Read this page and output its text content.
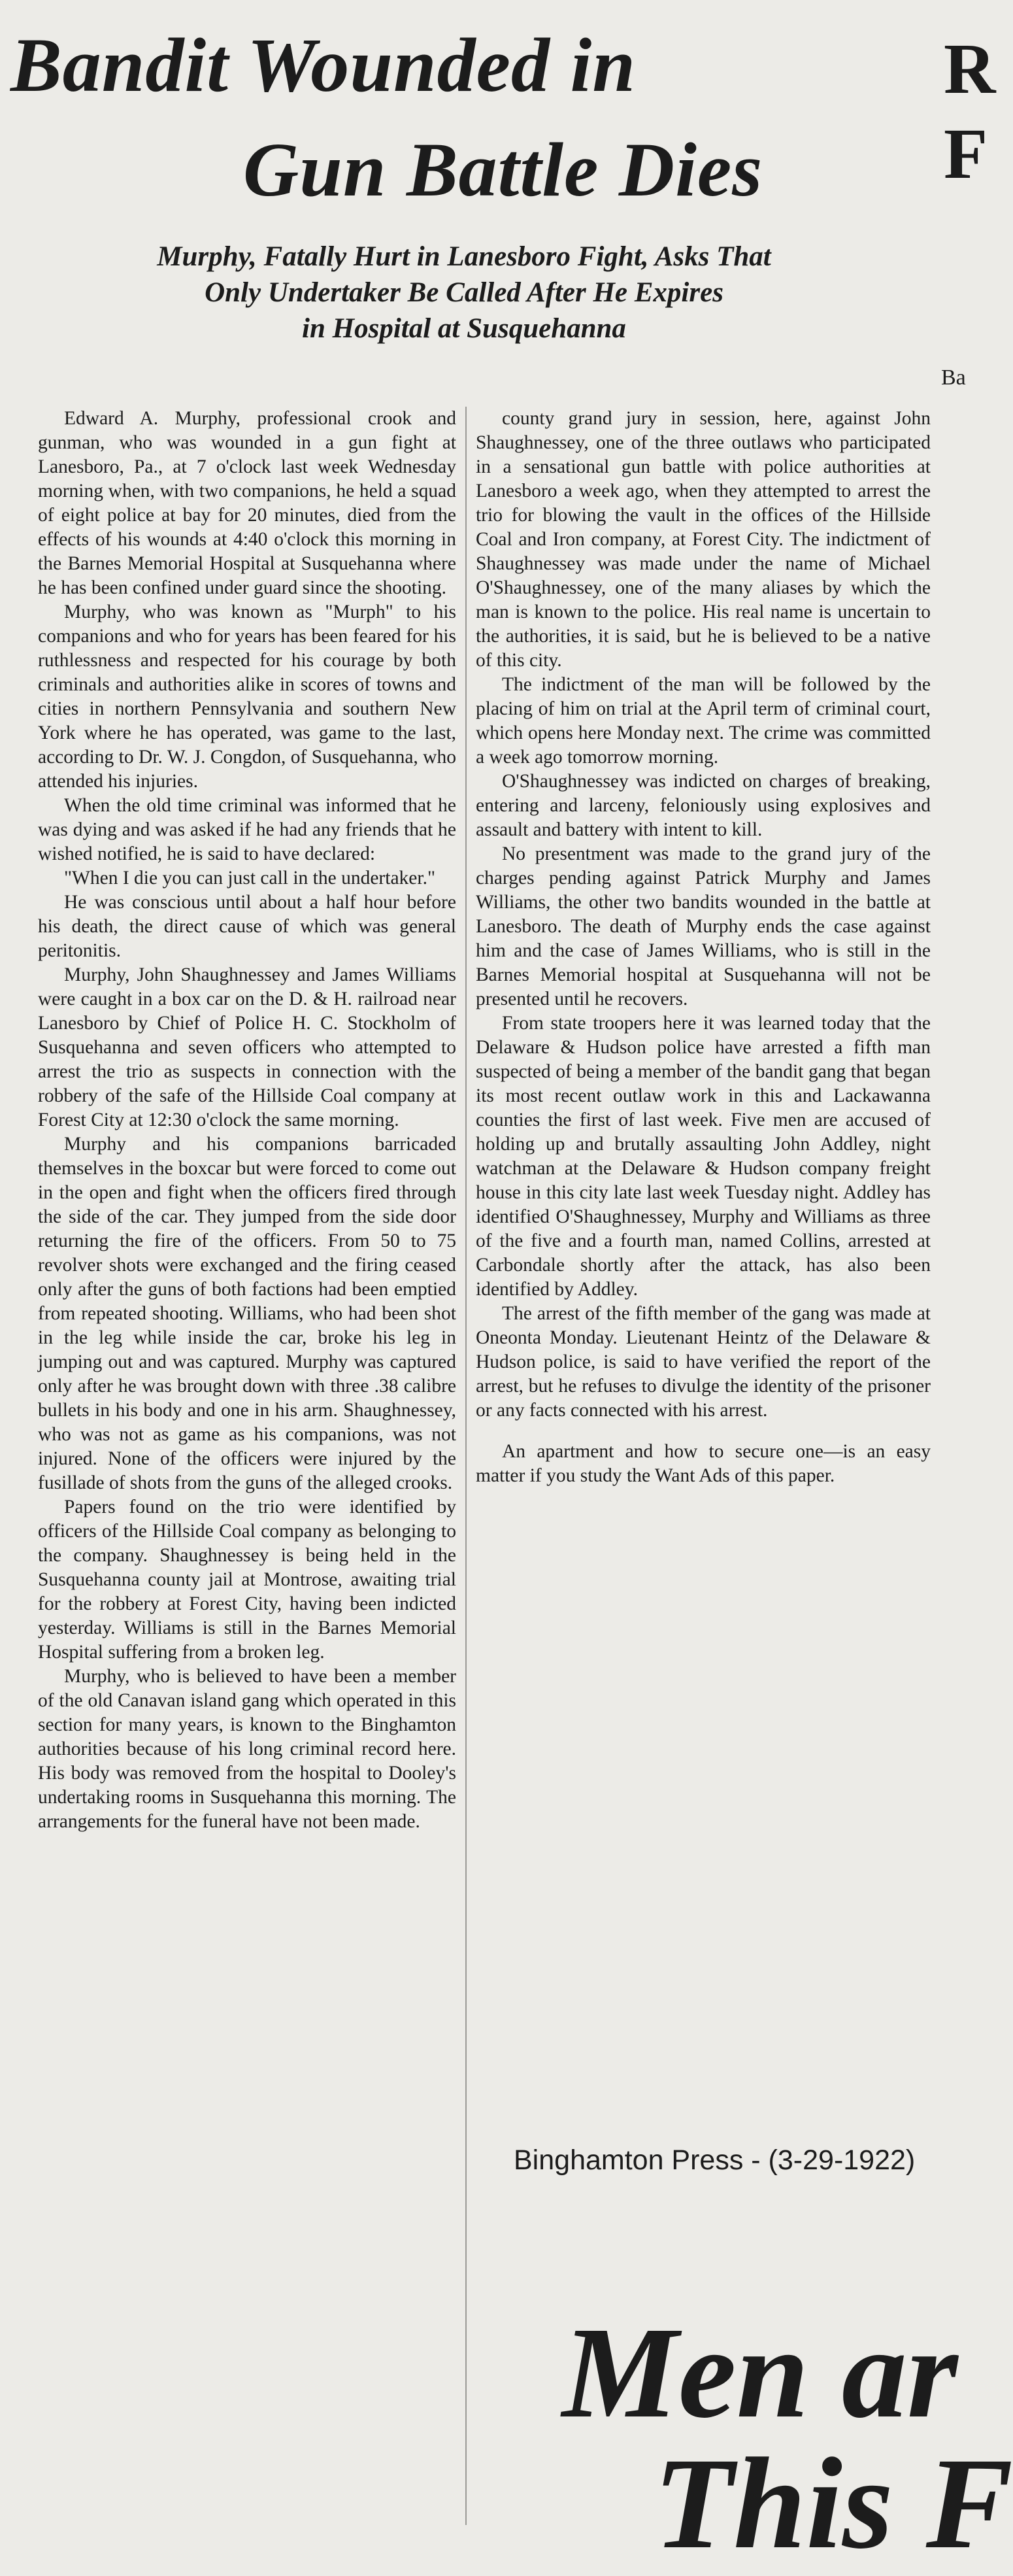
Bandit Wounded in
Gun Battle Dies
Murphy, Fatally Hurt in Lanesboro Fight, Asks That
Only Undertaker Be Called After He Expires
in Hospital at Susquehanna

Edward A. Murphy, professional crook and gunman, who was wounded in a gun fight at Lanesboro, Pa., at 7 o'clock last week Wednesday morning when, with two companions, he held a squad of eight police at bay for 20 minutes, died from the effects of his wounds at 4:40 o'clock this morning in the Barnes Memorial Hospital at Susquehanna where he has been confined under guard since the shooting.

Murphy, who was known as "Murph" to his companions and who for years has been feared for his ruthlessness and respected for his courage by both criminals and authorities alike in scores of towns and cities in northern Pennsylvania and southern New York where he has operated, was game to the last, according to Dr. W. J. Congdon, of Susquehanna, who attended his injuries.

When the old time criminal was informed that he was dying and was asked if he had any friends that he wished notified, he is said to have declared:

"When I die you can just call in the undertaker."

He was conscious until about a half hour before his death, the direct cause of which was general peritonitis.

Murphy, John Shaughnessey and James Williams were caught in a box car on the D. & H. railroad near Lanesboro by Chief of Police H. C. Stockholm of Susquehanna and seven officers who attempted to arrest the trio as suspects in connection with the robbery of the safe of the Hillside Coal company at Forest City at 12:30 o'clock the same morning.

Murphy and his companions barricaded themselves in the boxcar but were forced to come out in the open and fight when the officers fired through the side of the car. They jumped from the side door returning the fire of the officers. From 50 to 75 revolver shots were exchanged and the firing ceased only after the guns of both factions had been emptied from repeated shooting. Williams, who had been shot in the leg while inside the car, broke his leg in jumping out and was captured. Murphy was captured only after he was brought down with three .38 calibre bullets in his body and one in his arm. Shaughnessey, who was not as game as his companions, was not injured. None of the officers were injured by the fusillade of shots from the guns of the alleged crooks.

Papers found on the trio were identified by officers of the Hillside Coal company as belonging to the company. Shaughnessey is being held in the Susquehanna county jail at Montrose, awaiting trial for the robbery at Forest City, having been indicted yesterday. Williams is still in the Barnes Memorial Hospital suffering from a broken leg.

Murphy, who is believed to have been a member of the old Canavan island gang which operated in this section for many years, is known to the Binghamton authorities because of his long criminal record here. His body was removed from the hospital to Dooley's undertaking rooms in Susquehanna this morning. The arrangements for the funeral have not been made.

county grand jury in session, here, against John Shaughnessey, one of the three outlaws who participated in a sensational gun battle with police authorities at Lanesboro a week ago, when they attempted to arrest the trio for blowing the vault in the offices of the Hillside Coal and Iron company, at Forest City. The indictment of Shaughnessey was made under the name of Michael O'Shaughnessey, one of the many aliases by which the man is known to the police. His real name is uncertain to the authorities, it is said, but he is believed to be a native of this city.

The indictment of the man will be followed by the placing of him on trial at the April term of criminal court, which opens here Monday next. The crime was committed a week ago tomorrow morning.

O'Shaughnessey was indicted on charges of breaking, entering and larceny, feloniously using explosives and assault and battery with intent to kill.

No presentment was made to the grand jury of the charges pending against Patrick Murphy and James Williams, the other two bandits wounded in the battle at Lanesboro. The death of Murphy ends the case against him and the case of James Williams, who is still in the Barnes Memorial hospital at Susquehanna will not be presented until he recovers.

From state troopers here it was learned today that the Delaware & Hudson police have arrested a fifth man suspected of being a member of the bandit gang that began its most recent outlaw work in this and Lackawanna counties the first of last week. Five men are accused of holding up and brutally assaulting John Addley, night watchman at the Delaware & Hudson company freight house in this city late last week Tuesday night. Addley has identified O'Shaughnessey, Murphy and Williams as three of the five and a fourth man, named Collins, arrested at Carbondale shortly after the attack, has also been identified by Addley.

The arrest of the fifth member of the gang was made at Oneonta Monday. Lieutenant Heintz of the Delaware & Hudson police, is said to have verified the report of the arrest, but he refuses to divulge the identity of the prisoner or any facts connected with his arrest.

An apartment and how to secure one—is an easy matter if you study the Want Ads of this paper.

Binghamton Press - (3-29-1922)
Men ar
This F
R
F
Ba
